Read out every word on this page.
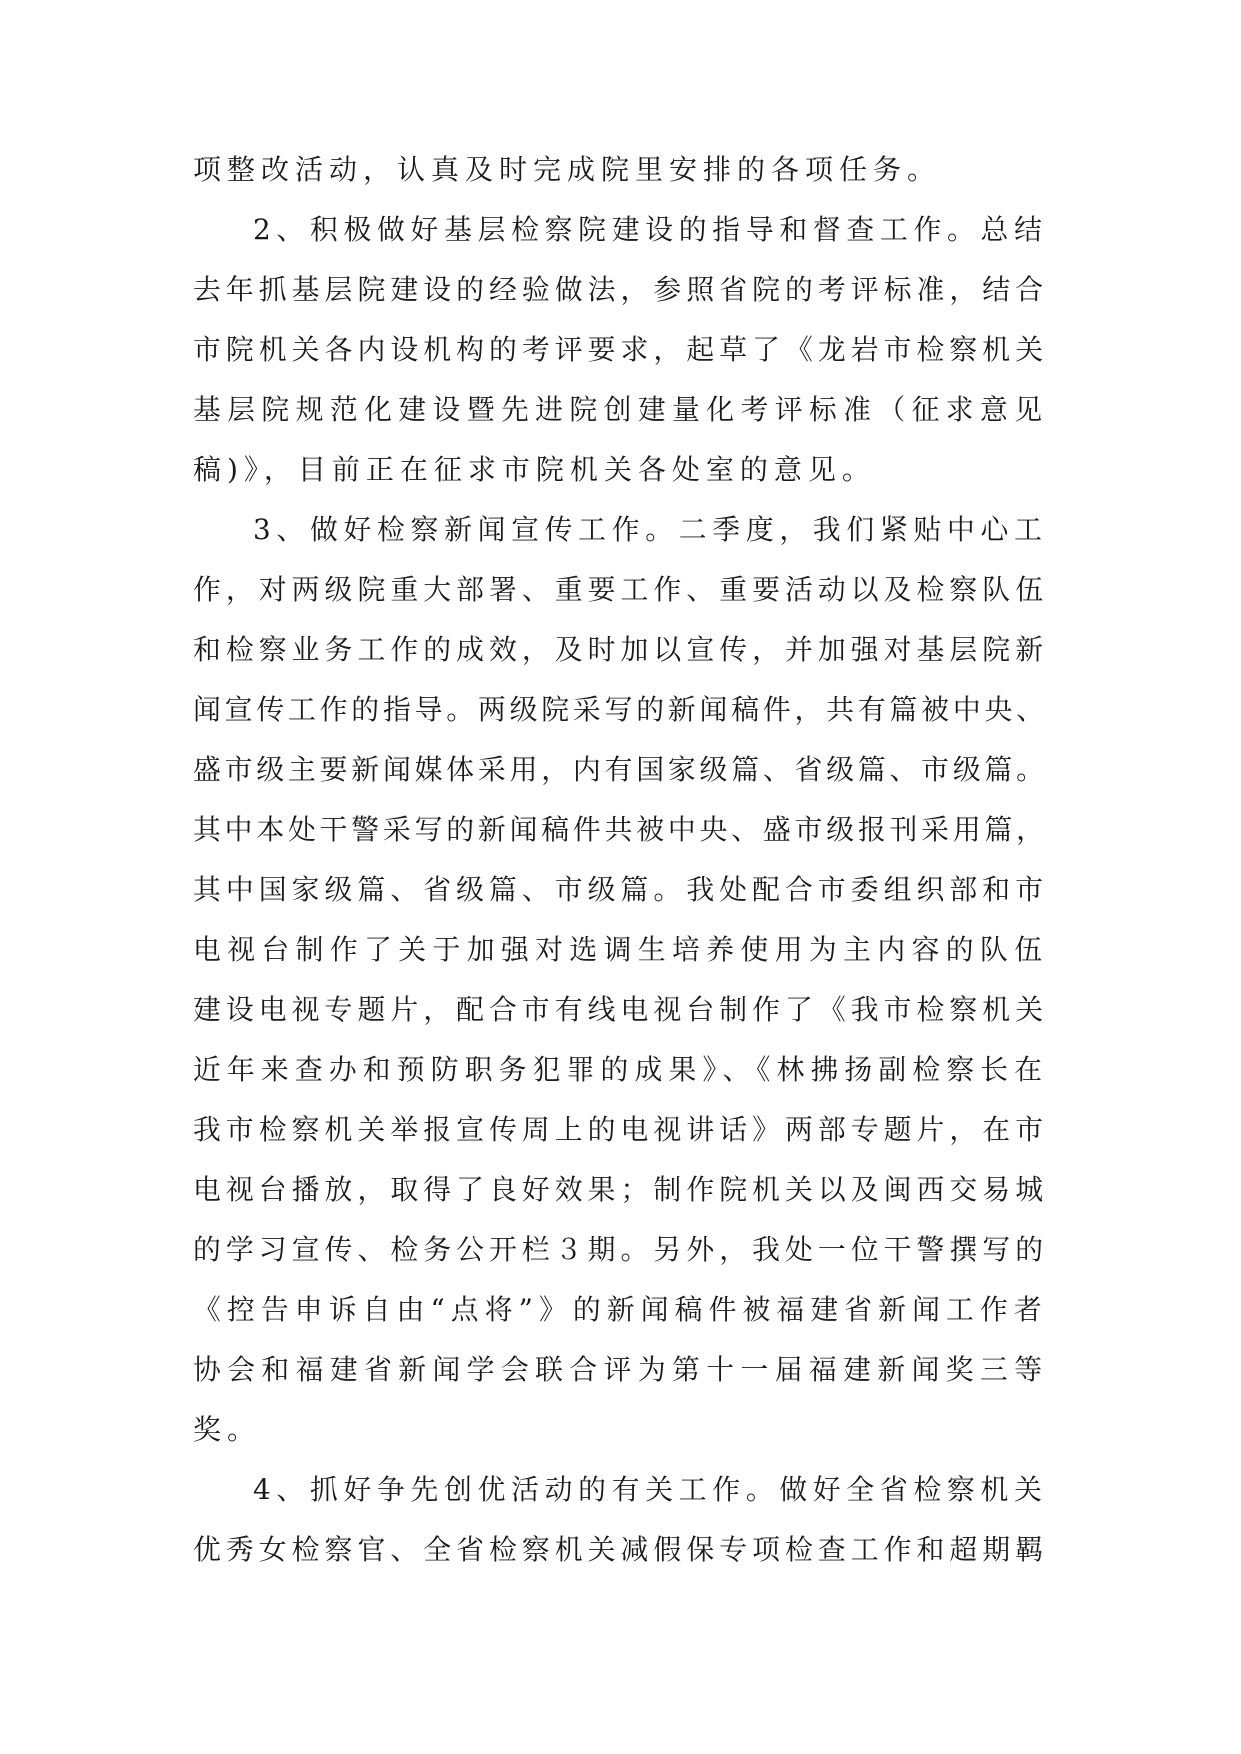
项整改活动，认真及时完成院里安排的各项任务。
2、积极做好基层检察院建设的指导和督查工作。总结
去年抓基层院建设的经验做法，参照省院的考评标准，结合
市院机关各内设机构的考评要求，起草了《龙岩市检察机关
基层院规范化建设暨先进院创建量化考评标准（征求意见
稿)》，目前正在征求市院机关各处室的意见。
3、做好检察新闻宣传工作。二季度，我们紧贴中心工
作，对两级院重大部署、重要工作、重要活动以及检察队伍
和检察业务工作的成效，及时加以宣传，并加强对基层院新
闻宣传工作的指导。两级院采写的新闻稿件，共有篇被中央、
盛市级主要新闻媒体采用，内有国家级篇、省级篇、市级篇。
其中本处干警采写的新闻稿件共被中央、盛市级报刊采用篇，
其中国家级篇、省级篇、市级篇。我处配合市委组织部和市
电视台制作了关于加强对选调生培养使用为主内容的队伍
建设电视专题片，配合市有线电视台制作了《我市检察机关
近年来查办和预防职务犯罪的成果》、《林拂扬副检察长在
我市检察机关举报宣传周上的电视讲话》两部专题片，在市
电视台播放，取得了良好效果；制作院机关以及闽西交易城
的学习宣传、检务公开栏３期。另外，我处一位干警撰写的
《控告申诉自由“点将”》的新闻稿件被福建省新闻工作者
协会和福建省新闻学会联合评为第十一届福建新闻奖三等
奖。
4、抓好争先创优活动的有关工作。做好全省检察机关
优秀女检察官、全省检察机关减假保专项检查工作和超期羁
